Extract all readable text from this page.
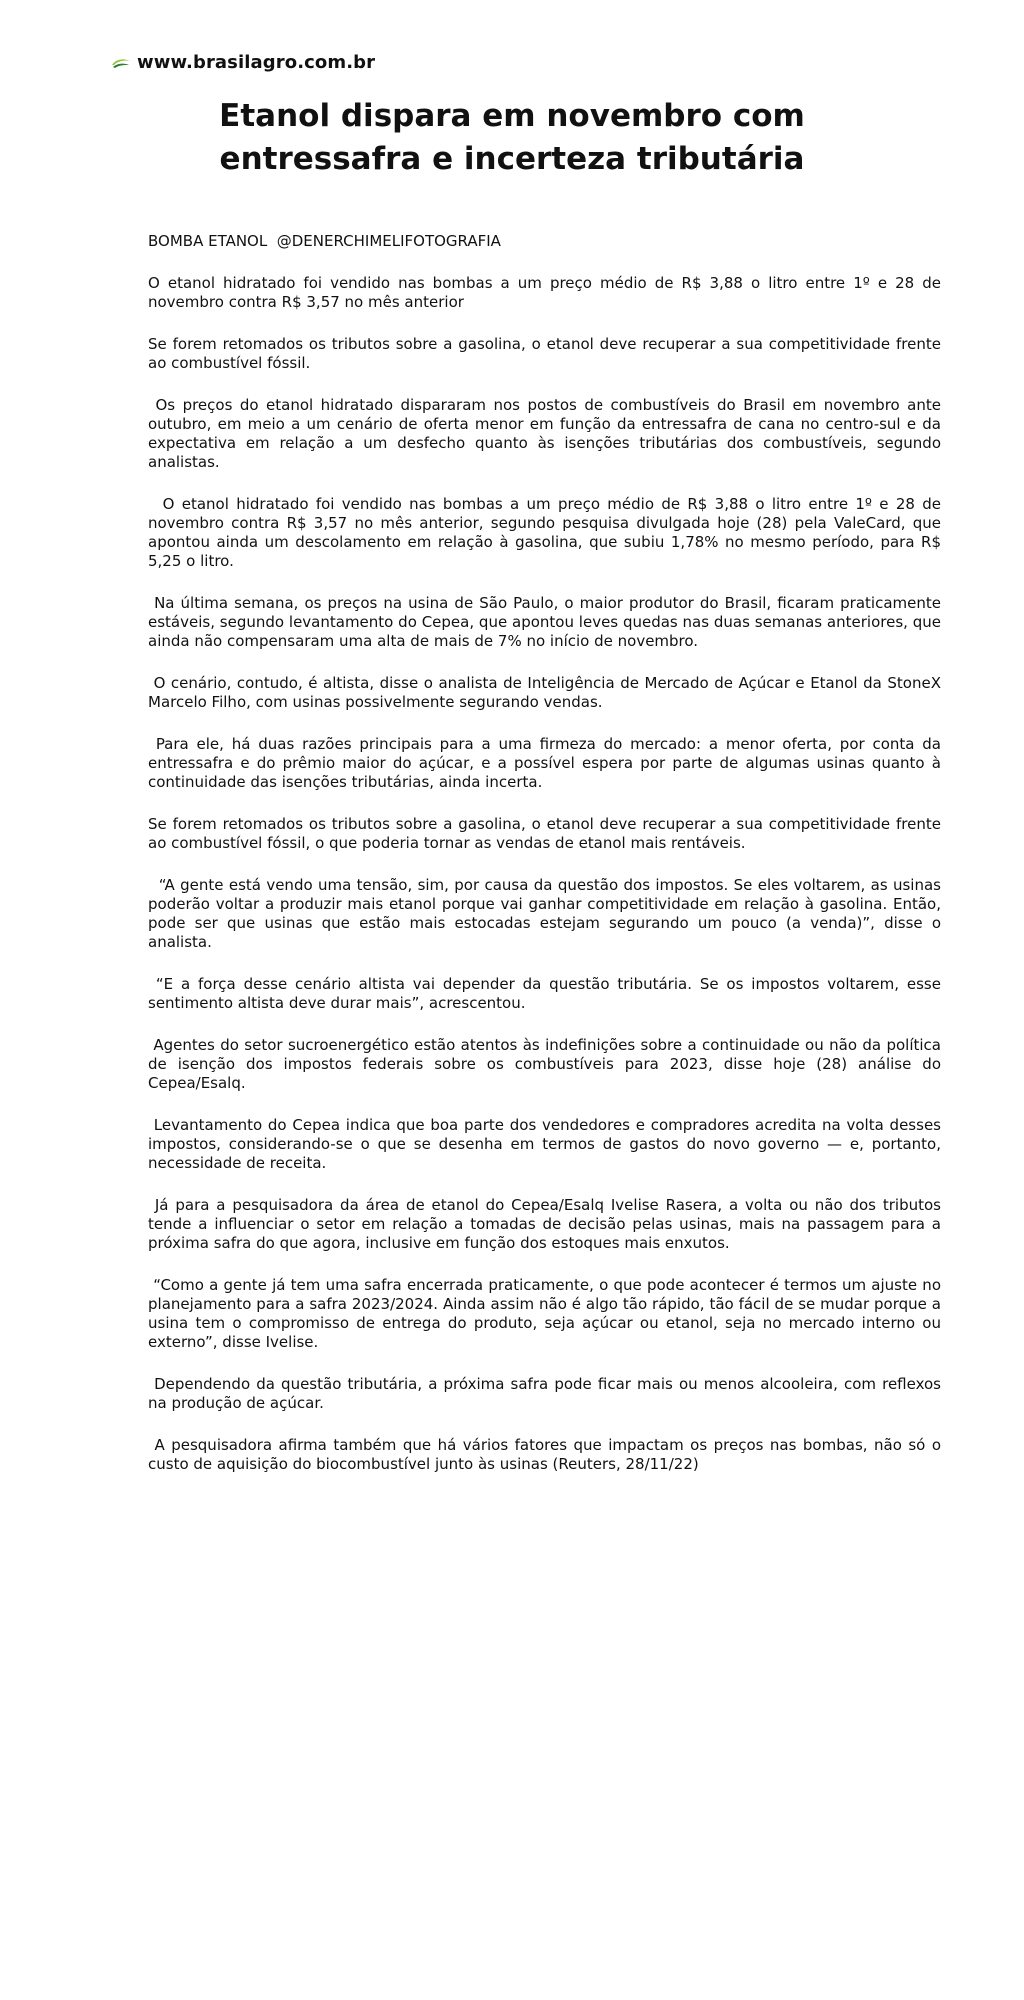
www.brasilagro.com.br
Etanol dispara em novembro com entressafra e incerteza tributária

BOMBA ETANOL  @DENERCHIMELIFOTOGRAFIA

O etanol hidratado foi vendido nas bombas a um preço médio de R$ 3,88 o litro entre 1º e 28 de novembro contra R$ 3,57 no mês anterior

Se forem retomados os tributos sobre a gasolina, o etanol deve recuperar a sua competitividade frente ao combustível fóssil.

Os preços do etanol hidratado dispararam nos postos de combustíveis do Brasil em novembro ante outubro, em meio a um cenário de oferta menor em função da entressafra de cana no centro-sul e da expectativa em relação a um desfecho quanto às isenções tributárias dos combustíveis, segundo analistas.

O etanol hidratado foi vendido nas bombas a um preço médio de R$ 3,88 o litro entre 1º e 28 de novembro contra R$ 3,57 no mês anterior, segundo pesquisa divulgada hoje (28) pela ValeCard, que apontou ainda um descolamento em relação à gasolina, que subiu 1,78% no mesmo período, para R$ 5,25 o litro.

Na última semana, os preços na usina de São Paulo, o maior produtor do Brasil, ficaram praticamente estáveis, segundo levantamento do Cepea, que apontou leves quedas nas duas semanas anteriores, que ainda não compensaram uma alta de mais de 7% no início de novembro.

O cenário, contudo, é altista, disse o analista de Inteligência de Mercado de Açúcar e Etanol da StoneX Marcelo Filho, com usinas possivelmente segurando vendas.

Para ele, há duas razões principais para a uma firmeza do mercado: a menor oferta, por conta da entressafra e do prêmio maior do açúcar, e a possível espera por parte de algumas usinas quanto à continuidade das isenções tributárias, ainda incerta.

Se forem retomados os tributos sobre a gasolina, o etanol deve recuperar a sua competitividade frente ao combustível fóssil, o que poderia tornar as vendas de etanol mais rentáveis.

“A gente está vendo uma tensão, sim, por causa da questão dos impostos. Se eles voltarem, as usinas poderão voltar a produzir mais etanol porque vai ganhar competitividade em relação à gasolina. Então, pode ser que usinas que estão mais estocadas estejam segurando um pouco (a venda)”, disse o analista.

“E a força desse cenário altista vai depender da questão tributária. Se os impostos voltarem, esse sentimento altista deve durar mais”, acrescentou.

Agentes do setor sucroenergético estão atentos às indefinições sobre a continuidade ou não da política de isenção dos impostos federais sobre os combustíveis para 2023, disse hoje (28) análise do Cepea/Esalq.

Levantamento do Cepea indica que boa parte dos vendedores e compradores acredita na volta desses impostos, considerando-se o que se desenha em termos de gastos do novo governo — e, portanto, necessidade de receita.

Já para a pesquisadora da área de etanol do Cepea/Esalq Ivelise Rasera, a volta ou não dos tributos tende a influenciar o setor em relação a tomadas de decisão pelas usinas, mais na passagem para a próxima safra do que agora, inclusive em função dos estoques mais enxutos.

“Como a gente já tem uma safra encerrada praticamente, o que pode acontecer é termos um ajuste no planejamento para a safra 2023/2024. Ainda assim não é algo tão rápido, tão fácil de se mudar porque a usina tem o compromisso de entrega do produto, seja açúcar ou etanol, seja no mercado interno ou externo”, disse Ivelise.

Dependendo da questão tributária, a próxima safra pode ficar mais ou menos alcooleira, com reflexos na produção de açúcar.

A pesquisadora afirma também que há vários fatores que impactam os preços nas bombas, não só o custo de aquisição do biocombustível junto às usinas (Reuters, 28/11/22)
